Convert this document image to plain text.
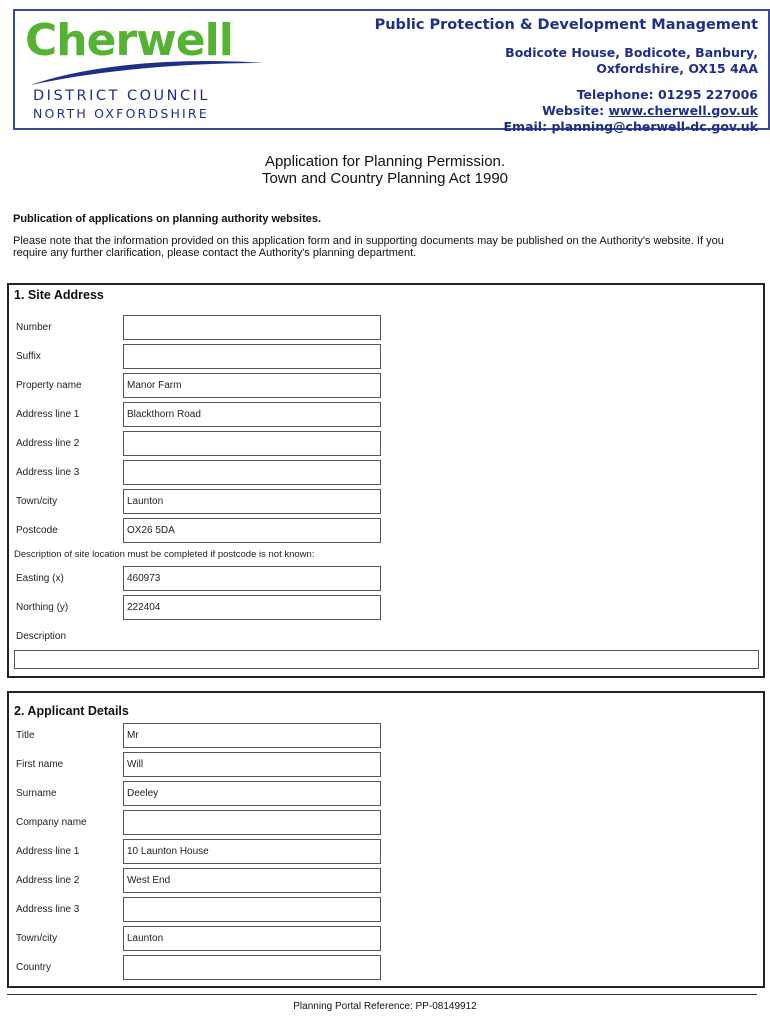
Cherwell
DISTRICT COUNCIL
NORTH OXFORDSHIRE
Public Protection & Development Management
Bodicote House, Bodicote, Banbury,
Oxfordshire, OX15 4AA
Telephone: 01295 227006
Website: www.cherwell.gov.uk
Email: planning@cherwell-dc.gov.uk
Application for Planning Permission.
Town and Country Planning Act 1990
Publication of applications on planning authority websites.
Please note that the information provided on this application form and in supporting documents may be published on the Authority's website. If you require any further clarification, please contact the Authority's planning department.
1. Site Address
Number
Suffix
Property name	Manor Farm
Address line 1	Blackthorn Road
Address line 2
Address line 3
Town/city	Launton
Postcode	OX26 5DA
Description of site location must be completed if postcode is not known:
Easting (x)	460973
Northing (y)	222404
Description
2. Applicant Details
Title	Mr
First name	Will
Surname	Deeley
Company name
Address line 1	10 Launton House
Address line 2	West End
Address line 3
Town/city	Launton
Country
Planning Portal Reference: PP-08149912
